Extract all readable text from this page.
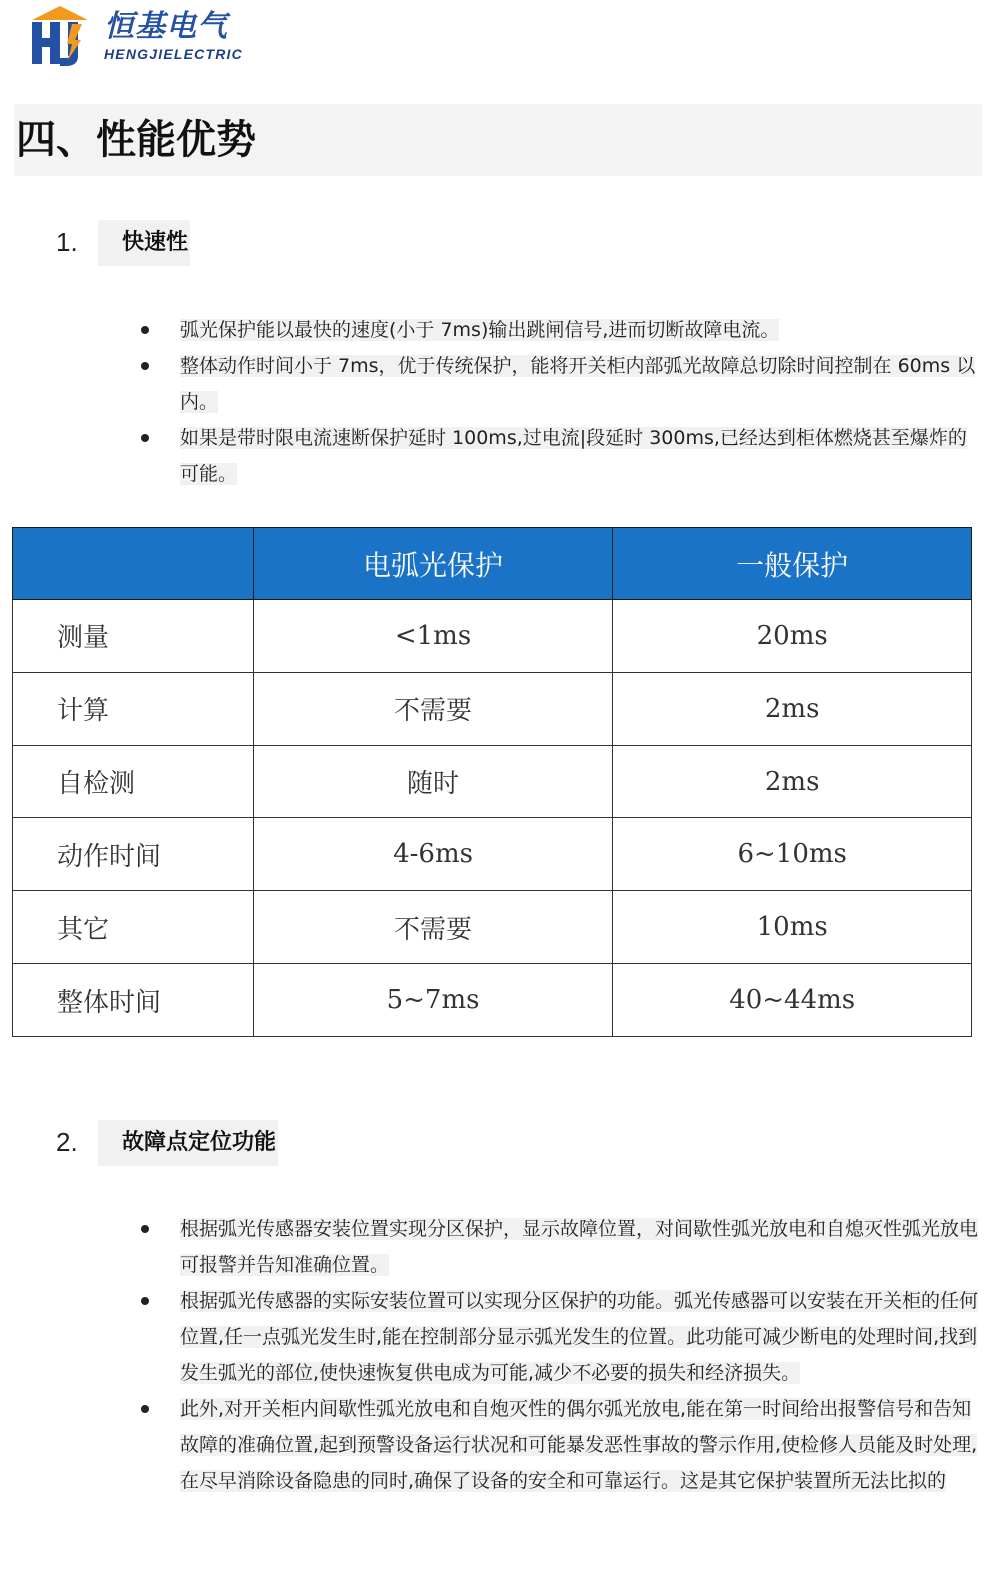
恒基电气
HENGJIELECTRIC
四、性能优势
1. 快速性
弧光保护能以最快的速度(小于 7ms)输出跳闸信号,进而切断故障电流。
整体动作时间小于 7ms，优于传统保护，能将开关柜内部弧光故障总切除时间控制在 60ms 以内。
如果是带时限电流速断保护延时 100ms,过电流|段延时 300ms,已经达到柜体燃烧甚至爆炸的可能。
	电弧光保护	一般保护
测量	<1ms	20ms
计算	不需要	2ms
自检测	随时	2ms
动作时间	4-6ms	6~10ms
其它	不需要	10ms
整体时间	5~7ms	40~44ms
2. 故障点定位功能
根据弧光传感器安装位置实现分区保护，显示故障位置，对间歇性弧光放电和自熄灭性弧光放电可报警并告知准确位置。
根据弧光传感器的实际安装位置可以实现分区保护的功能。弧光传感器可以安装在开关柜的任何位置,任一点弧光发生时,能在控制部分显示弧光发生的位置。此功能可减少断电的处理时间,找到发生弧光的部位,使快速恢复供电成为可能,减少不必要的损失和经济损失。
此外,对开关柜内间歇性弧光放电和自炮灭性的偶尔弧光放电,能在第一时间给出报警信号和告知故障的准确位置,起到预警设备运行状况和可能暴发恶性事故的警示作用,使检修人员能及时处理,在尽早消除设备隐患的同时,确保了设备的安全和可靠运行。这是其它保护装置所无法比拟的
